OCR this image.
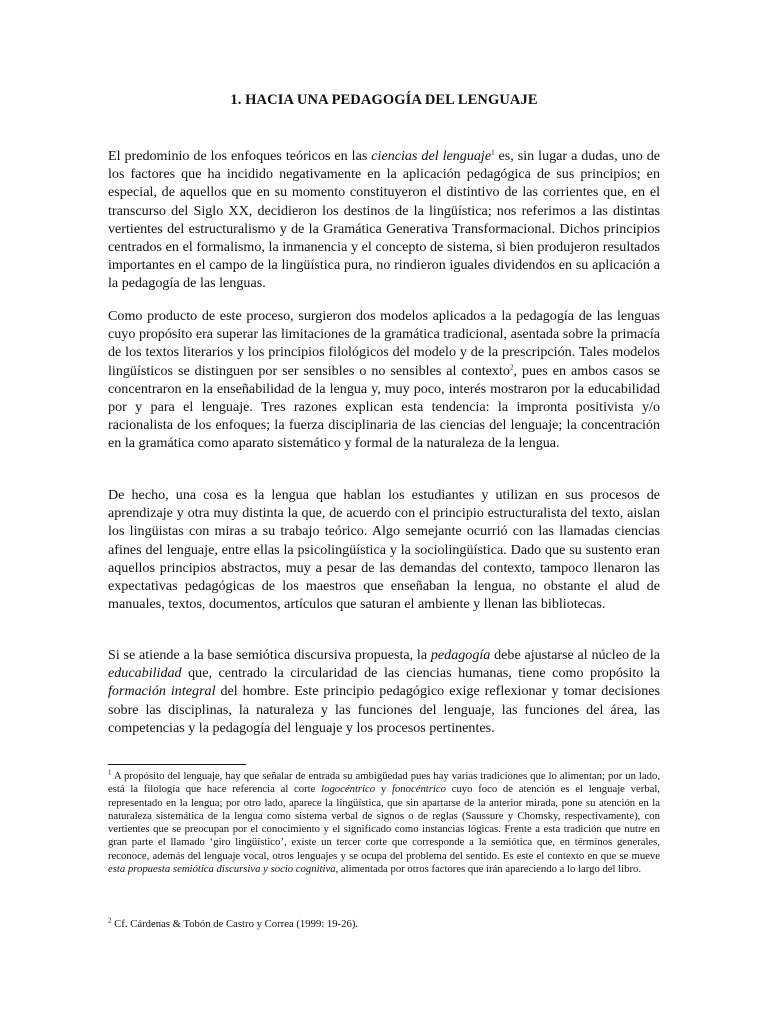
1. HACIA UNA PEDAGOGÍA DEL LENGUAJE

El predominio de los enfoques teóricos en las ciencias del lenguaje$^1$ es, sin lugar a dudas, uno de los factores que ha incidido negativamente en la aplicación pedagógica de sus principios; en especial, de aquellos que en su momento constituyeron el distintivo de las corrientes que, en el transcurso del Siglo XX, decidieron los destinos de la lingüística; nos referimos a las distintas vertientes del estructuralismo y de la Gramática Generativa Transformacional. Dichos principios centrados en el formalismo, la inmanencia y el concepto de sistema, si bien produjeron resultados importantes en el campo de la lingüística pura, no rindieron iguales dividendos en su aplicación a la pedagogía de las lenguas.

Como producto de este proceso, surgieron dos modelos aplicados a la pedagogía de las lenguas cuyo propósito era superar las limitaciones de la gramática tradicional, asentada sobre la primacía de los textos literarios y los principios filológicos del modelo y de la prescripción. Tales modelos lingüísticos se distinguen por ser sensibles o no sensibles al contexto$^2$, pues en ambos casos se concentraron en la enseñabilidad de la lengua y, muy poco, interés mostraron por la educabilidad por y para el lenguaje. Tres razones explican esta tendencia: la impronta positivista y/o racionalista de los enfoques; la fuerza disciplinaria de las ciencias del lenguaje; la concentración en la gramática como aparato sistemático y formal de la naturaleza de la lengua.

De hecho, una cosa es la lengua que hablan los estudiantes y utilizan en sus procesos de aprendizaje y otra muy distinta la que, de acuerdo con el principio estructuralista del texto, aislan los lingüistas con miras a su trabajo teórico. Algo semejante ocurrió con las llamadas ciencias afines del lenguaje, entre ellas la psicolingüística y la sociolingüística. Dado que su sustento eran aquellos principios abstractos, muy a pesar de las demandas del contexto, tampoco llenaron las expectativas pedagógicas de los maestros que enseñaban la lengua, no obstante el alud de manuales, textos, documentos, artículos que saturan el ambiente y llenan las bibliotecas.

Si se atiende a la base semiótica discursiva propuesta, la pedagogía debe ajustarse al núcleo de la educabilidad que, centrado la circularidad de las ciencias humanas, tiene como propósito la formación integral del hombre. Este principio pedagógico exige reflexionar y tomar decisiones sobre las disciplinas, la naturaleza y las funciones del lenguaje, las funciones del área, las competencias y la pedagogía del lenguaje y los procesos pertinentes.

$^1$ A propósito del lenguaje, hay que señalar de entrada su ambigüedad pues hay varias tradiciones que lo alimentan; por un lado, está la filología que hace referencia al corte logocéntrico y fonocéntrico cuyo foco de atención es el lenguaje verbal, representado en la lengua; por otro lado, aparece la lingüística, que sin apartarse de la anterior mirada, pone su atención en la naturaleza sistemática de la lengua como sistema verbal de signos o de reglas (Saussure y Chomsky, respectivamente), con vertientes que se preocupan por el conocimiento y el significado como instancias lógicas. Frente a esta tradición que nutre en gran parte el llamado ‘giro lingüístico’, existe un tercer corte que corresponde a la semiótica que, en términos generales, reconoce, además del lenguaje vocal, otros lenguajes y se ocupa del problema del sentido. Es este el contexto en que se mueve esta propuesta semiótica discursiva y socio cognitiva, alimentada por otros factores que irán apareciendo a lo largo del libro.

$^2$ Cf. Cárdenas & Tobón de Castro y Correa (1999: 19-26).
